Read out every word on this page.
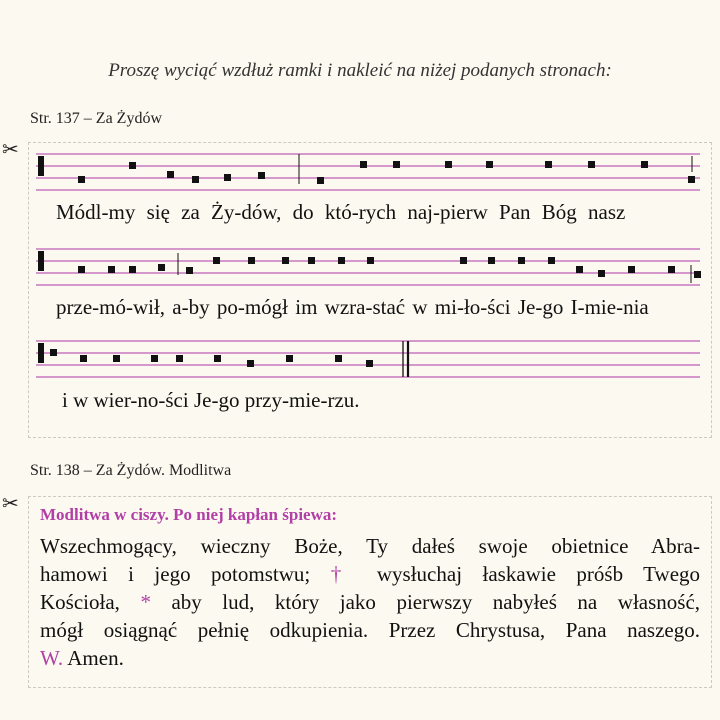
Proszę wyciąć wzdłuż ramki i nakleić na niżej podanych stronach:
Str. 137 – Za Żydów
✂
Módl-my się za Ży-dów, do któ-rych naj-pierw Pan Bóg nasz
prze-mó-wił, a-by po-mógł im wzra-stać w mi-ło-ści Je-go I-mie-nia
i w wier-no-ści Je-go przy-mie-rzu.
Str. 138 – Za Żydów. Modlitwa
✂ Modlitwa w ciszy. Po niej kapłan śpiewa:
Wszechmogący, wieczny Boże, Ty dałeś swoje obietnice Abra-
hamowi i jego potomstwu; † wysłuchaj łaskawie próśb Twego
Kościoła, * aby lud, który jako pierwszy nabyłeś na własność,
mógł osiągnąć pełnię odkupienia. Przez Chrystusa, Pana naszego.
W. Amen.
